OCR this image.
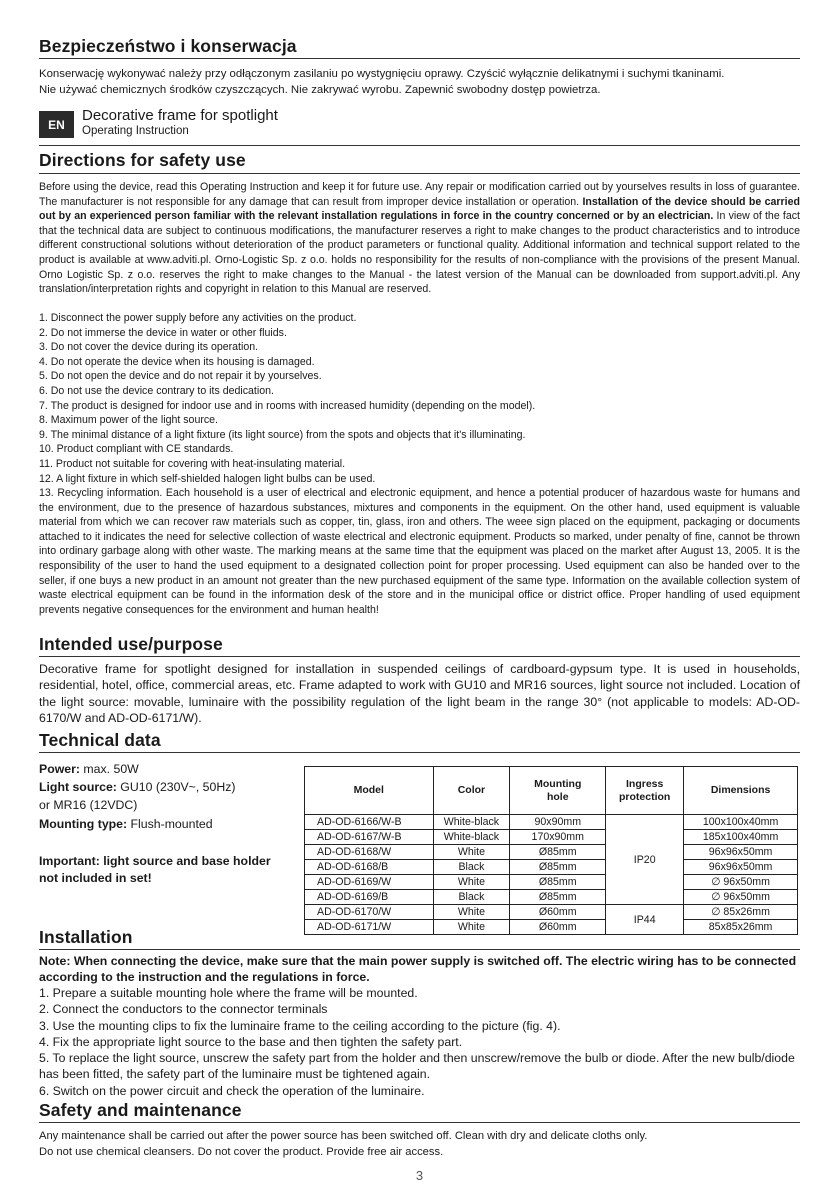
Bezpieczeństwo i konserwacja
Konserwację wykonywać należy przy odłączonym zasilaniu po wystygnięciu oprawy. Czyścić wyłącznie delikatnymi i suchymi tkaninami.
Nie używać chemicznych środków czyszczących. Nie zakrywać wyrobu. Zapewnić swobodny dostęp powietrza.
EN
Decorative frame for spotlight
Operating Instruction
Directions for safety use
Before using the device, read this Operating Instruction and keep it for future use. Any repair or modification carried out by yourselves results in loss of guarantee. The manufacturer is not responsible for any damage that can result from improper device installation or operation. Installation of the device should be carried out by an experienced person familiar with the relevant installation regulations in force in the country concerned or by an electrician. In view of the fact that the technical data are subject to continuous modifications, the manufacturer reserves a right to make changes to the product characteristics and to introduce different constructional solutions without deterioration of the product parameters or functional quality. Additional information and technical support related to the product is available at www.adviti.pl. Orno-Logistic Sp. z o.o. holds no responsibility for the results of non-compliance with the provisions of the present Manual. Orno Logistic Sp. z o.o. reserves the right to make changes to the Manual - the latest version of the Manual can be downloaded from support.adviti.pl. Any translation/interpretation rights and copyright in relation to this Manual are reserved.
1. Disconnect the power supply before any activities on the product.
2. Do not immerse the device in water or other fluids.
3. Do not cover the device during its operation.
4. Do not operate the device when its housing is damaged.
5. Do not open the device and do not repair it by yourselves.
6. Do not use the device contrary to its dedication.
7. The product is designed for indoor use and in rooms with increased humidity (depending on the model).
8. Maximum power of the light source.
9. The minimal distance of a light fixture (its light source) from the spots and objects that it's illuminating.
10. Product compliant with CE standards.
11. Product not suitable for covering with heat-insulating material.
12. A light fixture in which self-shielded halogen light bulbs can be used.
13. Recycling information. Each household is a user of electrical and electronic equipment, and hence a potential producer of hazardous waste for humans and the environment, due to the presence of hazardous substances, mixtures and components in the equipment. On the other hand, used equipment is valuable material from which we can recover raw materials such as copper, tin, glass, iron and others. The weee sign placed on the equipment, packaging or documents attached to it indicates the need for selective collection of waste electrical and electronic equipment. Products so marked, under penalty of fine, cannot be thrown into ordinary garbage along with other waste. The marking means at the same time that the equipment was placed on the market after August 13, 2005. It is the responsibility of the user to hand the used equipment to a designated collection point for proper processing. Used equipment can also be handed over to the seller, if one buys a new product in an amount not greater than the new purchased equipment of the same type. Information on the available collection system of waste electrical equipment can be found in the information desk of the store and in the municipal office or district office. Proper handling of used equipment prevents negative consequences for the environment and human health!
Intended use/purpose
Decorative frame for spotlight designed for installation in suspended ceilings of cardboard-gypsum type. It is used in households, residential, hotel, office, commercial areas, etc. Frame adapted to work with GU10 and MR16 sources, light source not included. Location of the light source: movable, luminaire with the possibility regulation of the light beam in the range 30° (not applicable to models: AD-OD-6170/W and AD-OD-6171/W).
Technical data
Power: max. 50W
Light source: GU10 (230V~, 50Hz)
or MR16 (12VDC)
Mounting type: Flush-mounted
Important: light source and base holder
not included in set!
Model	Color	Mounting hole	Ingress protection	Dimensions
AD-OD-6166/W-B	White-black	90x90mm	IP20	100x100x40mm
AD-OD-6167/W-B	White-black	170x90mm		185x100x40mm
AD-OD-6168/W	White	Ø85mm		96x96x50mm
AD-OD-6168/B	Black	Ø85mm		96x96x50mm
AD-OD-6169/W	White	Ø85mm		∅ 96x50mm
AD-OD-6169/B	Black	Ø85mm		∅ 96x50mm
AD-OD-6170/W	White	Ø60mm	IP44	∅ 85x26mm
AD-OD-6171/W	White	Ø60mm		85x85x26mm
Installation
Note: When connecting the device, make sure that the main power supply is switched off. The electric wiring has to be connected according to the instruction and the regulations in force.
1. Prepare a suitable mounting hole where the frame will be mounted.
2. Connect the conductors to the connector terminals
3. Use the mounting clips to fix the luminaire frame to the ceiling according to the picture (fig. 4).
4. Fix the appropriate light source to the base and then tighten the safety part.
5. To replace the light source, unscrew the safety part from the holder and then unscrew/remove the bulb or diode. After the new bulb/diode has been fitted, the safety part of the luminaire must be tightened again.
6. Switch on the power circuit and check the operation of the luminaire.
Safety and maintenance
Any maintenance shall be carried out after the power source has been switched off. Clean with dry and delicate cloths only.
Do not use chemical cleansers. Do not cover the product. Provide free air access.
3
